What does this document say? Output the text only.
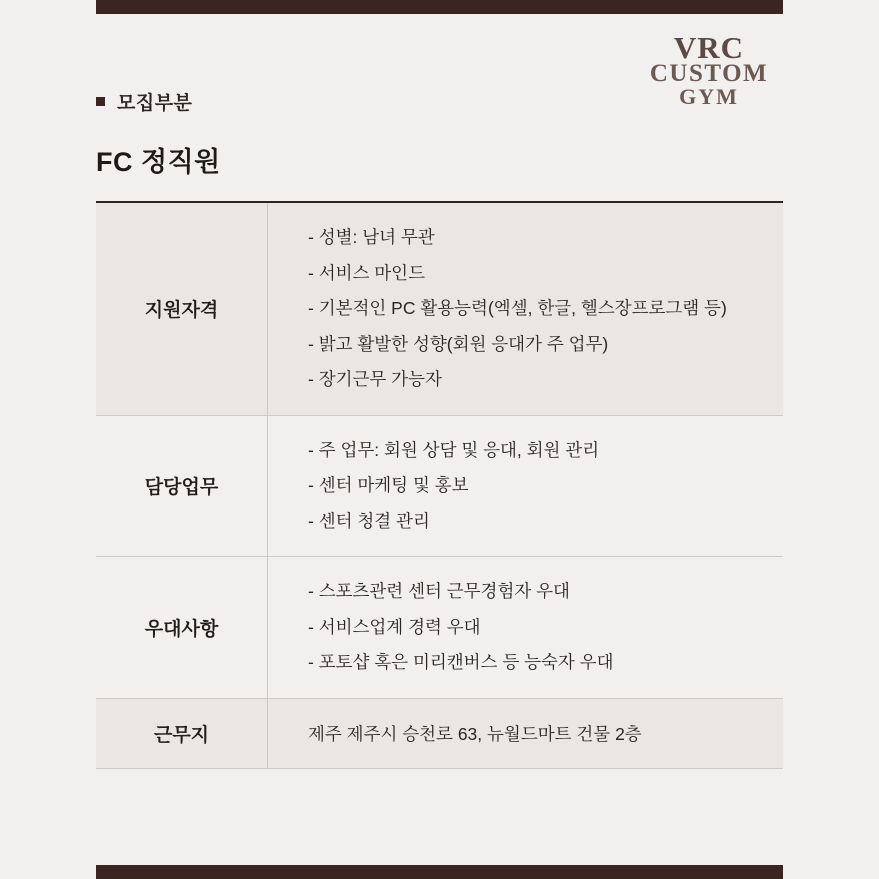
VRC
CUSTOM
GYM
모집부분
FC 정직원
지원자격
- 성별: 남녀 무관
- 서비스 마인드
- 기본적인 PC 활용능력(엑셀, 한글, 헬스장프로그램 등)
- 밝고 활발한 성향(회원 응대가 주 업무)
- 장기근무 가능자
담당업무
- 주 업무: 회원 상담 및 응대, 회원 관리
- 센터 마케팅 및 홍보
- 센터 청결 관리
우대사항
- 스포츠관련 센터 근무경험자 우대
- 서비스업계 경력 우대
- 포토샵 혹은 미리캔버스 등 능숙자 우대
근무지	제주 제주시 승천로 63, 뉴월드마트 건물 2층
